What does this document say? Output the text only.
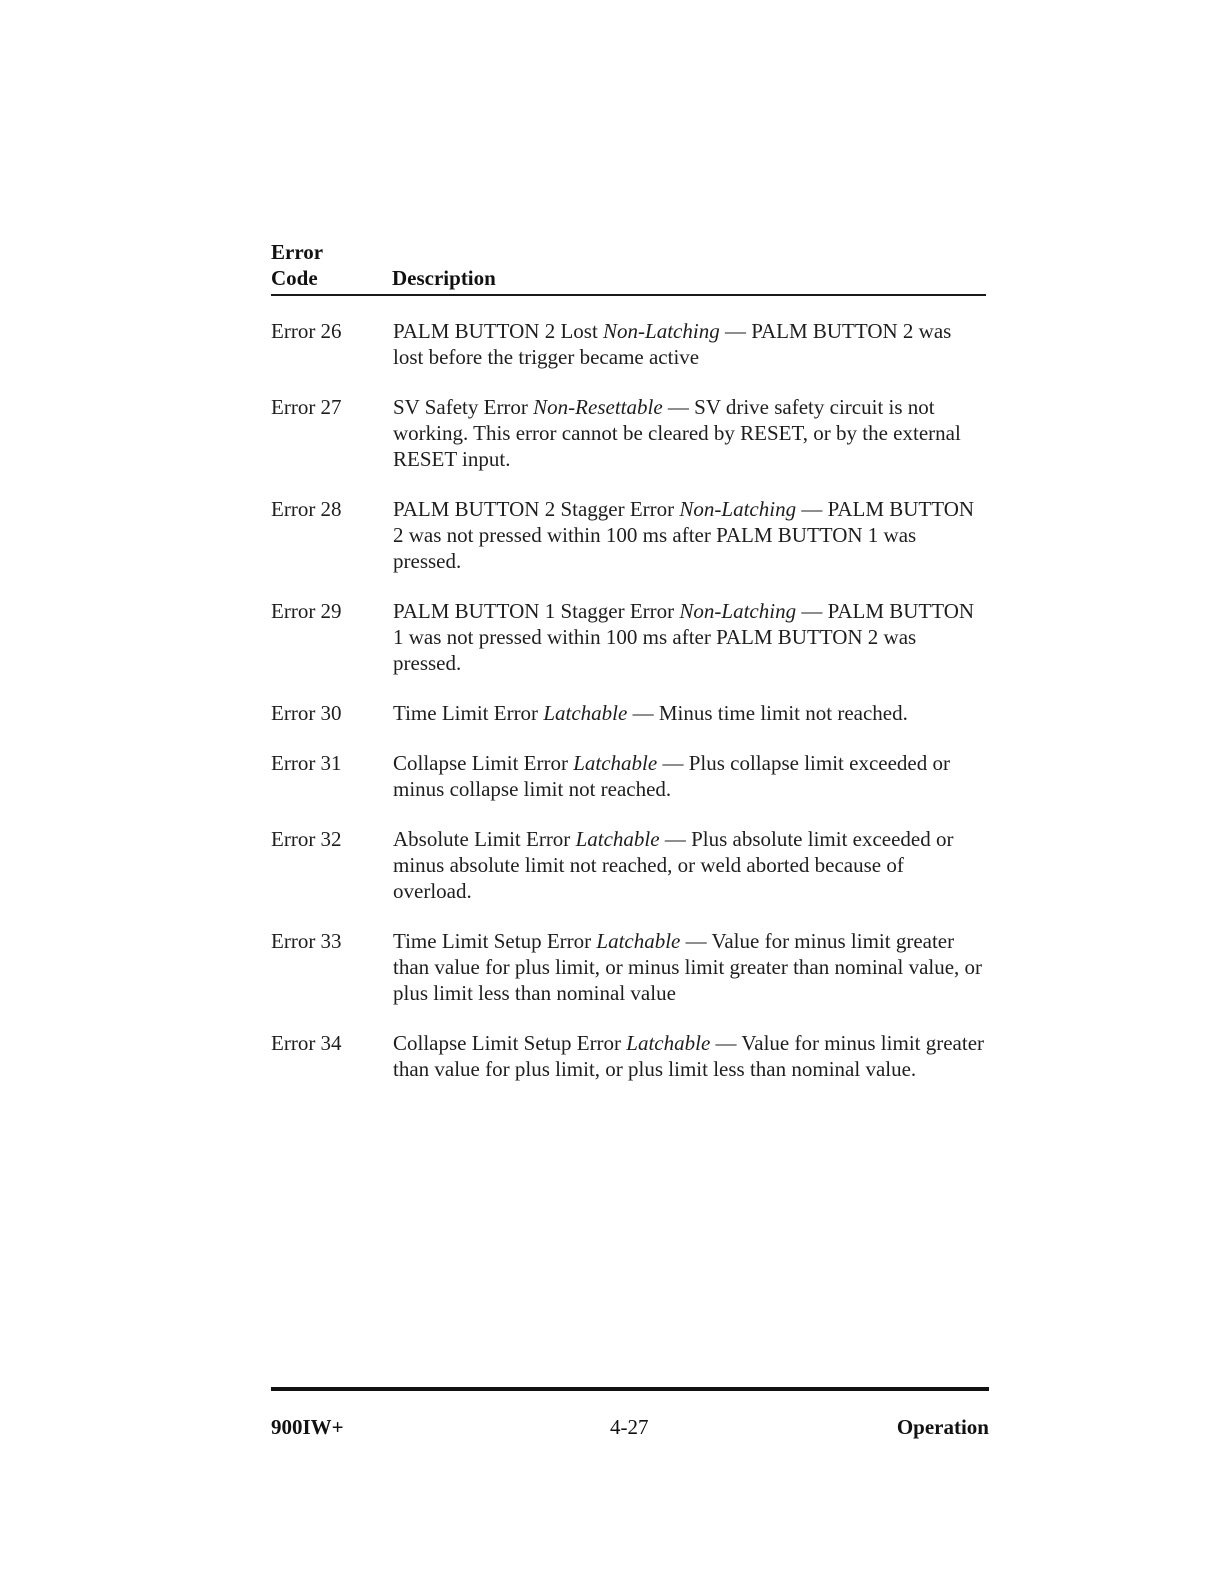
Error
Code	Description
Error 26	PALM BUTTON 2 Lost Non-Latching — PALM BUTTON 2 was lost before the trigger became active
Error 27	SV Safety Error Non-Resettable — SV drive safety circuit is not working. This error cannot be cleared by RESET, or by the external RESET input.
Error 28	PALM BUTTON 2 Stagger Error Non-Latching — PALM BUTTON 2 was not pressed within 100 ms after PALM BUTTON 1 was pressed.
Error 29	PALM BUTTON 1 Stagger Error Non-Latching — PALM BUTTON 1 was not pressed within 100 ms after PALM BUTTON 2 was pressed.
Error 30	Time Limit Error Latchable — Minus time limit not reached.
Error 31	Collapse Limit Error Latchable — Plus collapse limit exceeded or minus collapse limit not reached.
Error 32	Absolute Limit Error Latchable — Plus absolute limit exceeded or minus absolute limit not reached, or weld aborted because of overload.
Error 33	Time Limit Setup Error Latchable — Value for minus limit greater than value for plus limit, or minus limit greater than nominal value, or plus limit less than nominal value
Error 34	Collapse Limit Setup Error Latchable — Value for minus limit greater than value for plus limit, or plus limit less than nominal value.
900IW+	4-27	Operation
